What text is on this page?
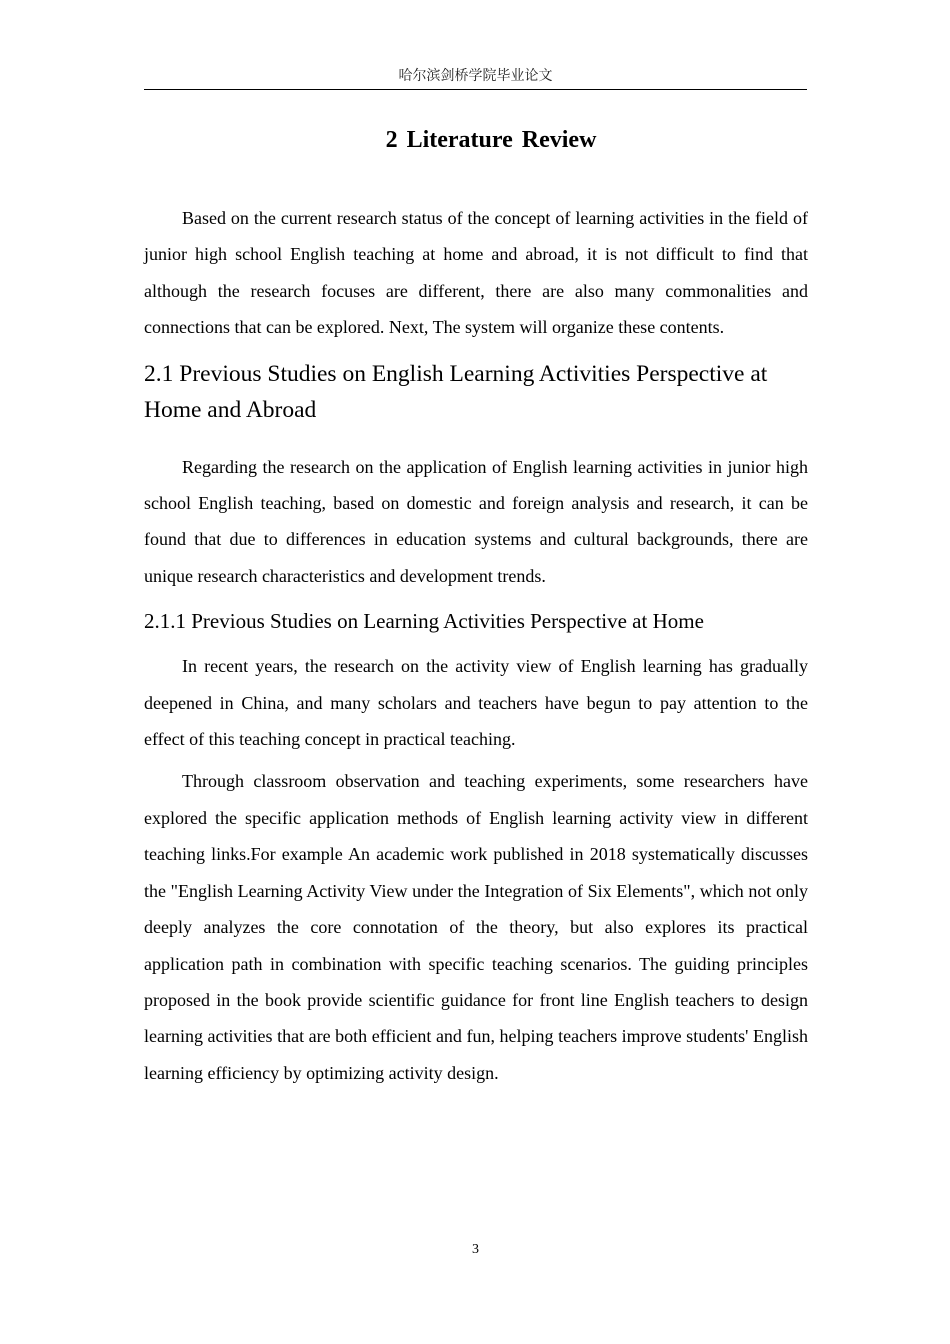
哈尔滨剑桥学院毕业论文
2 Literature Review

Based on the current research status of the concept of learning activities in the field of junior high school English teaching at home and abroad, it is not difficult to find that although the research focuses are different, there are also many commonalities and connections that can be explored. Next, The system will organize these contents.

2.1 Previous Studies on English Learning Activities Perspective at Home and Abroad

Regarding the research on the application of English learning activities in junior high school English teaching, based on domestic and foreign analysis and research, it can be found that due to differences in education systems and cultural backgrounds, there are unique research characteristics and development trends.

2.1.1 Previous Studies on Learning Activities Perspective at Home

In recent years, the research on the activity view of English learning has gradually deepened in China, and many scholars and teachers have begun to pay attention to the effect of this teaching concept in practical teaching.

Through classroom observation and teaching experiments, some researchers have explored the specific application methods of English learning activity view in different teaching links.For example An academic work published in 2018 systematically discusses the "English Learning Activity View under the Integration of Six Elements", which not only deeply analyzes the core connotation of the theory, but also explores its practical application path in combination with specific teaching scenarios. The guiding principles proposed in the book provide scientific guidance for front line English teachers to design learning activities that are both efficient and fun, helping teachers improve students' English learning efficiency by optimizing activity design.

3
